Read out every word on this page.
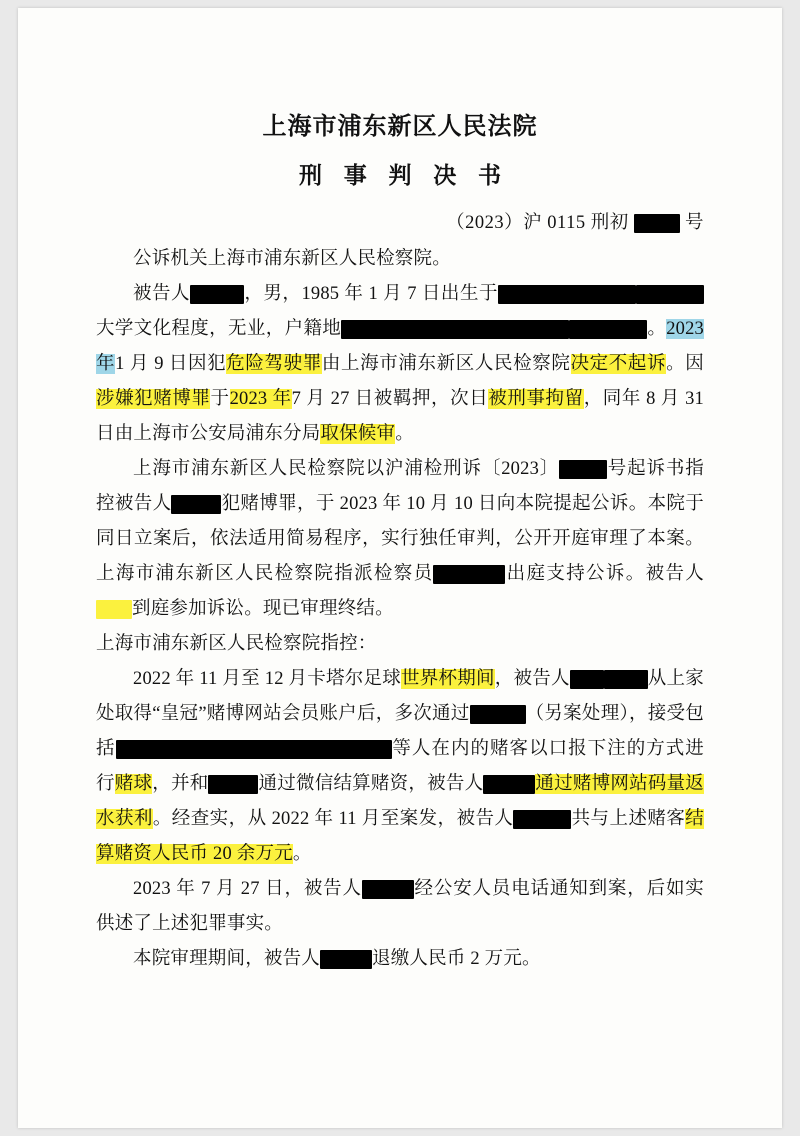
上海市浦东新区人民法院
刑 事 判 决 书
（2023）沪 0115 刑初	号

公诉机关上海市浦东新区人民检察院。

被告人	，男，1985 年 1 月 7 日出生于大学文化程度，无业，户籍地	。2023 年1 月 9 日因犯危险驾驶罪由上海市浦东新区人民检察院决定不起诉。因涉嫌犯赌博罪于2023 年7 月 27 日被羁押，次日被刑事拘留，同年 8 月 31 日由上海市公安局浦东分局取保候审。

上海市浦东新区人民检察院以沪浦检刑诉〔2023〕	号起诉书指控被告人	犯赌博罪，于 2023 年 10 月 10 日向本院提起公诉。本院于同日立案后，依法适用简易程序，实行独任审判，公开开庭审理了本案。上海市浦东新区人民检察院指派检察员	出庭支持公诉。被告人到庭参加诉讼。现已审理终结。

上海市浦东新区人民检察院指控：

2022 年 11 月至 12 月卡塔尔足球世界杯期间，被告人	从上家处取得“皇冠”赌博网站会员账户后，多次通过	（另案处理），接受包括	等人在内的赌客以口报下注的方式进行赌球，并和	通过微信结算赌资，被告人	通过赌博网站码量返水获利。经查实，从 2022 年 11 月至案发，被告人	共与上述赌客结算赌资人民币 20 余万元。

2023 年 7 月 27 日，被告人	经公安人员电话通知到案，后如实供述了上述犯罪事实。

本院审理期间，被告人	退缴人民币 2 万元。
